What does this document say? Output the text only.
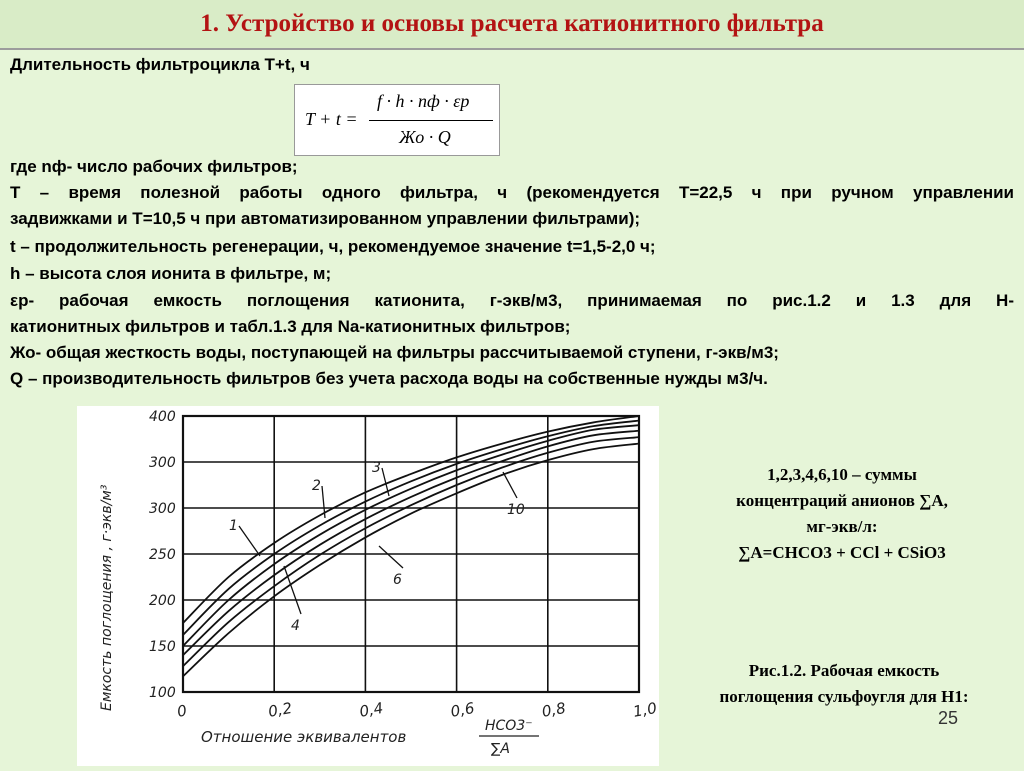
1. Устройство и основы расчета катионитного фильтра
Длительность фильтроцикла T+t, ч
T + t =
f · h · nф · εр
Жо · Q
где nф- число рабочих фильтров;
T – время полезной работы одного фильтра, ч (рекомендуется T=22,5 ч при ручном управлении
задвижками и T=10,5 ч при автоматизированном управлении фильтрами);
t – продолжительность регенерации, ч, рекомендуемое значение t=1,5-2,0 ч;
h – высота слоя ионита в фильтре, м;
εр- рабочая емкость поглощения катионита, г-экв/м3, принимаемая по рис.1.2 и 1.3 для Н-
катионитных фильтров и табл.1.3 для Na-катионитных фильтров;
Жо- общая жесткость воды, поступающей на фильтры рассчитываемой ступени, г-экв/м3;
Q – производительность фильтров без учета расхода воды на собственные нужды м3/ч.
0	0,2	0,4	0,6	0,8	1,0
100
150
200
250
300
300
400
1
2
3
4
6
10
Емкость поглощения , г·экв/м³
Отношение эквивалентов
HCO3⁻
∑A
1,2,3,4,6,10 – суммы
концентраций анионов ∑А,
мг-экв/л:
∑А=CHCO3 + CCl + CSiO3
Рис.1.2. Рабочая емкость
поглощения сульфоугля для Н1:
25
